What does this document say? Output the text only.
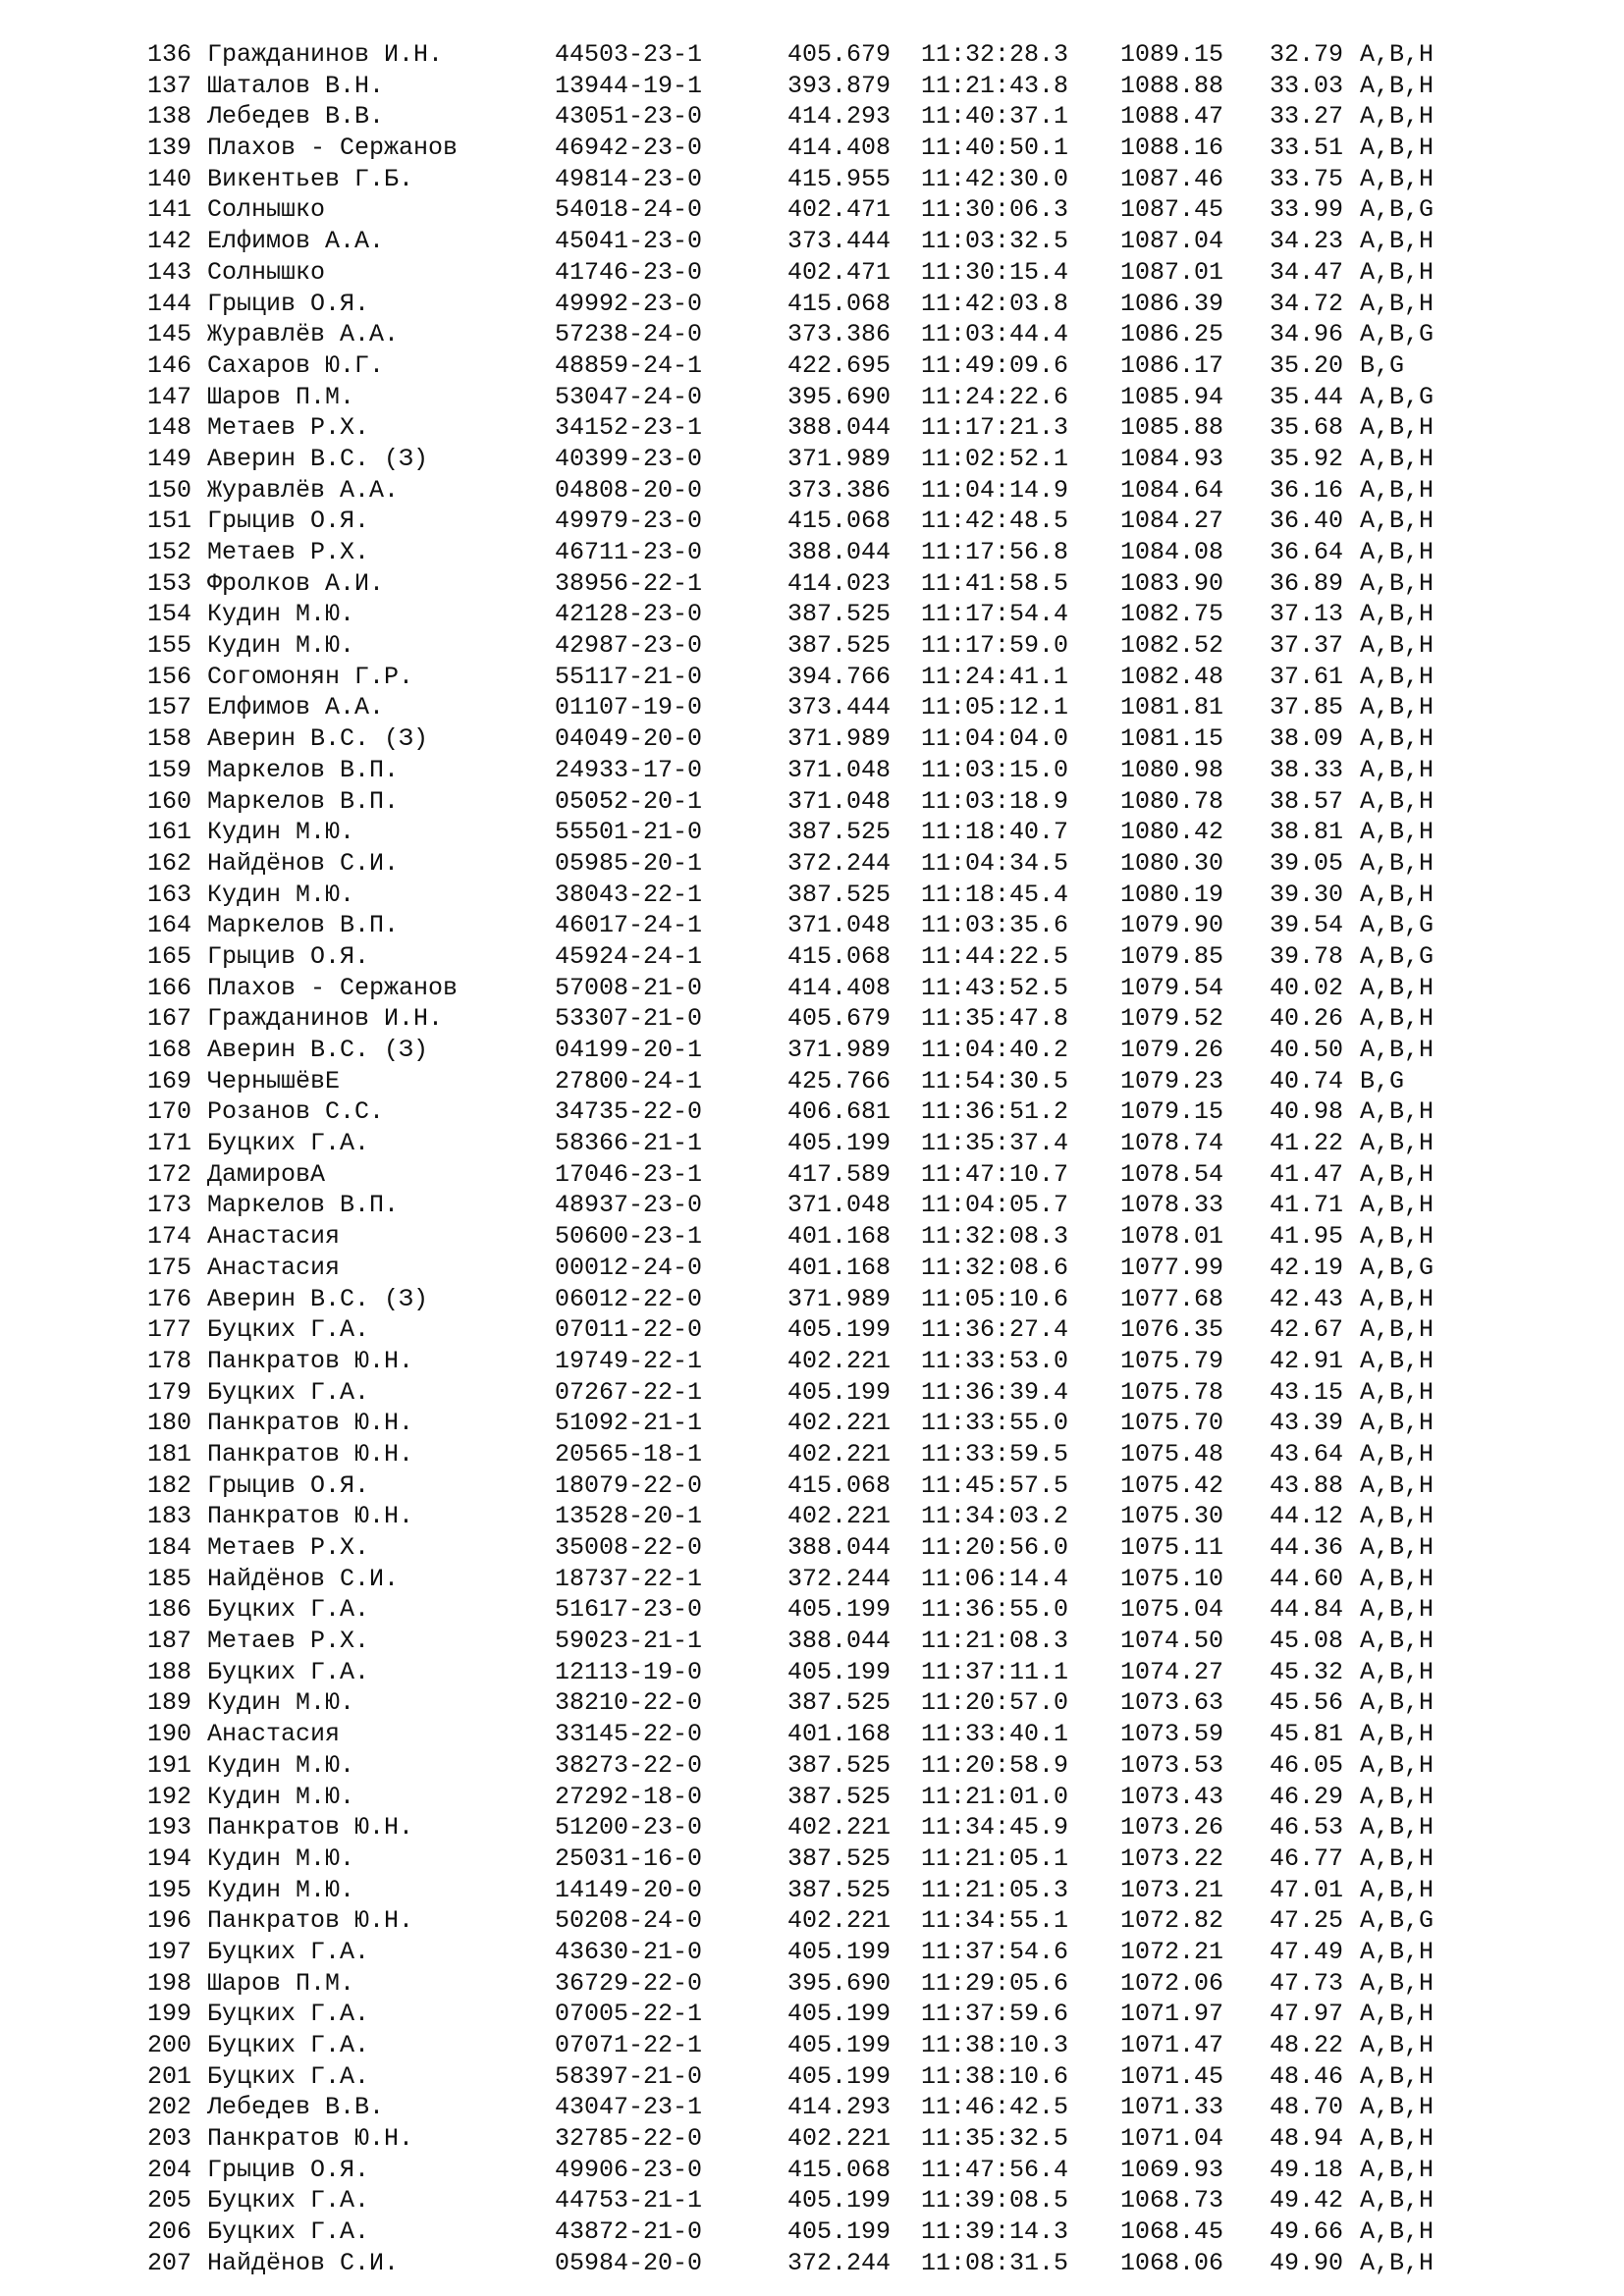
136 Гражданинов И.Н.	44503-23-1	405.679 11:32:28.3 1089.15 32.79 A,B,H
137 Шаталов В.Н.	13944-19-1	393.879 11:21:43.8 1088.88 33.03 A,B,H
138 Лебедев В.В.	43051-23-0	414.293 11:40:37.1 1088.47 33.27 A,B,H
139 Плахов - Сержанов	46942-23-0	414.408 11:40:50.1 1088.16 33.51 A,B,H
140 Викентьев Г.Б.	49814-23-0	415.955 11:42:30.0 1087.46 33.75 A,B,H
141 Солнышко	54018-24-0	402.471 11:30:06.3 1087.45 33.99 A,B,G
142 Елфимов А.А.	45041-23-0	373.444 11:03:32.5 1087.04 34.23 A,B,H
143 Солнышко	41746-23-0	402.471 11:30:15.4 1087.01 34.47 A,B,H
144 Грыцив О.Я.	49992-23-0	415.068 11:42:03.8 1086.39 34.72 A,B,H
145 Журавлёв А.А.	57238-24-0	373.386 11:03:44.4 1086.25 34.96 A,B,G
146 Сахаров Ю.Г.	48859-24-1	422.695 11:49:09.6 1086.17 35.20 B,G
147 Шаров П.М.	53047-24-0	395.690 11:24:22.6 1085.94 35.44 A,B,G
148 Метаев Р.Х.	34152-23-1	388.044 11:17:21.3 1085.88 35.68 A,B,H
149 Аверин В.С. (З)	40399-23-0	371.989 11:02:52.1 1084.93 35.92 A,B,H
150 Журавлёв А.А.	04808-20-0	373.386 11:04:14.9 1084.64 36.16 A,B,H
151 Грыцив О.Я.	49979-23-0	415.068 11:42:48.5 1084.27 36.40 A,B,H
152 Метаев Р.Х.	46711-23-0	388.044 11:17:56.8 1084.08 36.64 A,B,H
153 Фролков А.И.	38956-22-1	414.023 11:41:58.5 1083.90 36.89 A,B,H
154 Кудин М.Ю.	42128-23-0	387.525 11:17:54.4 1082.75 37.13 A,B,H
155 Кудин М.Ю.	42987-23-0	387.525 11:17:59.0 1082.52 37.37 A,B,H
156 Согомонян Г.Р.	55117-21-0	394.766 11:24:41.1 1082.48 37.61 A,B,H
157 Елфимов А.А.	01107-19-0	373.444 11:05:12.1 1081.81 37.85 A,B,H
158 Аверин В.С. (З)	04049-20-0	371.989 11:04:04.0 1081.15 38.09 A,B,H
159 Маркелов В.П.	24933-17-0	371.048 11:03:15.0 1080.98 38.33 A,B,H
160 Маркелов В.П.	05052-20-1	371.048 11:03:18.9 1080.78 38.57 A,B,H
161 Кудин М.Ю.	55501-21-0	387.525 11:18:40.7 1080.42 38.81 A,B,H
162 Найдёнов С.И.	05985-20-1	372.244 11:04:34.5 1080.30 39.05 A,B,H
163 Кудин М.Ю.	38043-22-1	387.525 11:18:45.4 1080.19 39.30 A,B,H
164 Маркелов В.П.	46017-24-1	371.048 11:03:35.6 1079.90 39.54 A,B,G
165 Грыцив О.Я.	45924-24-1	415.068 11:44:22.5 1079.85 39.78 A,B,G
166 Плахов - Сержанов	57008-21-0	414.408 11:43:52.5 1079.54 40.02 A,B,H
167 Гражданинов И.Н.	53307-21-0	405.679 11:35:47.8 1079.52 40.26 A,B,H
168 Аверин В.С. (З)	04199-20-1	371.989 11:04:40.2 1079.26 40.50 A,B,H
169 ЧернышёвЕ	27800-24-1	425.766 11:54:30.5 1079.23 40.74 B,G
170 Розанов С.С.	34735-22-0	406.681 11:36:51.2 1079.15 40.98 A,B,H
171 Буцких Г.А.	58366-21-1	405.199 11:35:37.4 1078.74 41.22 A,B,H
172 ДамировА	17046-23-1	417.589 11:47:10.7 1078.54 41.47 A,B,H
173 Маркелов В.П.	48937-23-0	371.048 11:04:05.7 1078.33 41.71 A,B,H
174 Анастасия	50600-23-1	401.168 11:32:08.3 1078.01 41.95 A,B,H
175 Анастасия	00012-24-0	401.168 11:32:08.6 1077.99 42.19 A,B,G
176 Аверин В.С. (З)	06012-22-0	371.989 11:05:10.6 1077.68 42.43 A,B,H
177 Буцких Г.А.	07011-22-0	405.199 11:36:27.4 1076.35 42.67 A,B,H
178 Панкратов Ю.Н.	19749-22-1	402.221 11:33:53.0 1075.79 42.91 A,B,H
179 Буцких Г.А.	07267-22-1	405.199 11:36:39.4 1075.78 43.15 A,B,H
180 Панкратов Ю.Н.	51092-21-1	402.221 11:33:55.0 1075.70 43.39 A,B,H
181 Панкратов Ю.Н.	20565-18-1	402.221 11:33:59.5 1075.48 43.64 A,B,H
182 Грыцив О.Я.	18079-22-0	415.068 11:45:57.5 1075.42 43.88 A,B,H
183 Панкратов Ю.Н.	13528-20-1	402.221 11:34:03.2 1075.30 44.12 A,B,H
184 Метаев Р.Х.	35008-22-0	388.044 11:20:56.0 1075.11 44.36 A,B,H
185 Найдёнов С.И.	18737-22-1	372.244 11:06:14.4 1075.10 44.60 A,B,H
186 Буцких Г.А.	51617-23-0	405.199 11:36:55.0 1075.04 44.84 A,B,H
187 Метаев Р.Х.	59023-21-1	388.044 11:21:08.3 1074.50 45.08 A,B,H
188 Буцких Г.А.	12113-19-0	405.199 11:37:11.1 1074.27 45.32 A,B,H
189 Кудин М.Ю.	38210-22-0	387.525 11:20:57.0 1073.63 45.56 A,B,H
190 Анастасия	33145-22-0	401.168 11:33:40.1 1073.59 45.81 A,B,H
191 Кудин М.Ю.	38273-22-0	387.525 11:20:58.9 1073.53 46.05 A,B,H
192 Кудин М.Ю.	27292-18-0	387.525 11:21:01.0 1073.43 46.29 A,B,H
193 Панкратов Ю.Н.	51200-23-0	402.221 11:34:45.9 1073.26 46.53 A,B,H
194 Кудин М.Ю.	25031-16-0	387.525 11:21:05.1 1073.22 46.77 A,B,H
195 Кудин М.Ю.	14149-20-0	387.525 11:21:05.3 1073.21 47.01 A,B,H
196 Панкратов Ю.Н.	50208-24-0	402.221 11:34:55.1 1072.82 47.25 A,B,G
197 Буцких Г.А.	43630-21-0	405.199 11:37:54.6 1072.21 47.49 A,B,H
198 Шаров П.М.	36729-22-0	395.690 11:29:05.6 1072.06 47.73 A,B,H
199 Буцких Г.А.	07005-22-1	405.199 11:37:59.6 1071.97 47.97 A,B,H
200 Буцких Г.А.	07071-22-1	405.199 11:38:10.3 1071.47 48.22 A,B,H
201 Буцких Г.А.	58397-21-0	405.199 11:38:10.6 1071.45 48.46 A,B,H
202 Лебедев В.В.	43047-23-1	414.293 11:46:42.5 1071.33 48.70 A,B,H
203 Панкратов Ю.Н.	32785-22-0	402.221 11:35:32.5 1071.04 48.94 A,B,H
204 Грыцив О.Я.	49906-23-0	415.068 11:47:56.4 1069.93 49.18 A,B,H
205 Буцких Г.А.	44753-21-1	405.199 11:39:08.5 1068.73 49.42 A,B,H
206 Буцких Г.А.	43872-21-0	405.199 11:39:14.3 1068.45 49.66 A,B,H
207 Найдёнов С.И.	05984-20-0	372.244 11:08:31.5 1068.06 49.90 A,B,H
